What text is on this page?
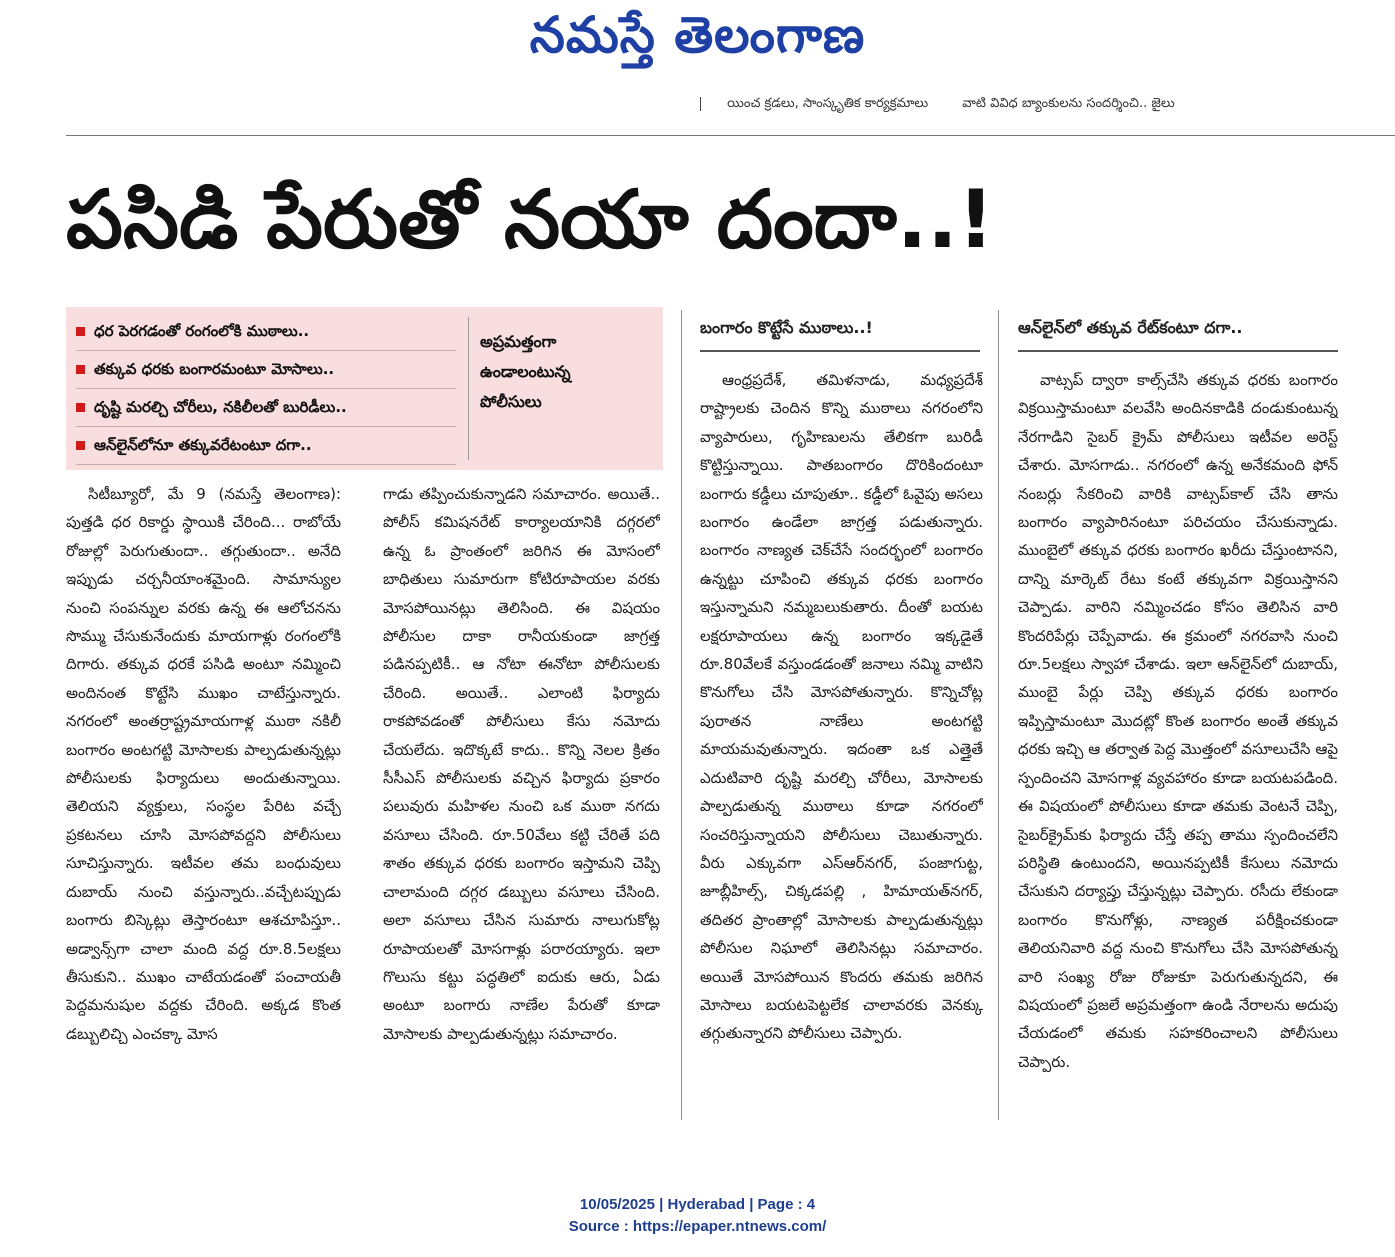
నమస్తే తెలంగాణ
యించ క్రడలు, సాంస్కృతిక కార్యక్రమాలు	వాటి వివిధ బ్యాంకులను సందర్శించి.. జైలు
పసిడి పేరుతో నయా దందా..!
ధర పెరగడంతో రంగంలోకి ముఠాలు..
తక్కువ ధరకు బంగారమంటూ మోసాలు..
దృష్టి మరల్చి చోరీలు, నకిలీలతో బురిడీలు..
ఆన్‌లైన్‌లోనూ తక్కువరేటంటూ దగా..
అప్రమత్తంగా
ఉండాలంటున్న
పోలీసులు
బంగారం కొట్టేసే ముఠాలు..!	ఆన్‌లైన్‌లో తక్కువ రేట్‌కంటూ దగా..

సిటీబ్యూరో, మే 9 (నమస్తే తెలంగాణ): పుత్తడి ధర రికార్డు స్థాయికి చేరింది... రాబోయే రోజుల్లో పెరుగుతుందా.. తగ్గుతుందా.. అనేది ఇప్పుడు చర్చనీయాంశమైంది. సామాన్యుల నుంచి సంపన్నుల వరకు ఉన్న ఈ ఆలోచనను సొమ్ము చేసుకునేందుకు మాయగాళ్లు రంగంలోకి దిగారు. తక్కువ ధరకే పసిడి అంటూ నమ్మించి అందినంత కొట్టేసి ముఖం చాటేస్తున్నారు. నగరంలో అంతర్రాష్ట్రమాయగాళ్ల ముఠా నకిలీ బంగారం అంటగట్టి మోసాలకు పాల్పడుతున్నట్లు పోలీసులకు ఫిర్యాదులు అందుతున్నాయి. తెలియని వ్యక్తులు, సంస్థల పేరిట వచ్చే ప్రకటనలు చూసి మోసపోవద్దని పోలీసులు సూచిస్తున్నారు. ఇటీవల తమ బంధువులు దుబాయ్ నుంచి వస్తున్నారు..వచ్చేటప్పుడు బంగారు బిస్కెట్లు తెస్తారంటూ ఆశచూపిస్తూ.. అడ్వాన్స్‌గా చాలా మంది వద్ద రూ.8.5లక్షలు తీసుకుని.. ముఖం చాటేయడంతో పంచాయతీ పెద్దమనుషుల వద్దకు చేరింది. అక్కడ కొంత డబ్బులిచ్చి ఎంచక్కా మోస

గాడు తప్పించుకున్నాడని సమాచారం. అయితే.. పోలీస్ కమిషనరేట్ కార్యాలయానికి దగ్గరలో ఉన్న ఓ ప్రాంతంలో జరిగిన ఈ మోసంలో బాధితులు సుమారుగా కోటిరూపాయల వరకు మోసపోయినట్లు తెలిసింది. ఈ విషయం పోలీసుల దాకా రానీయకుండా జాగ్రత్త పడినప్పటికీ.. ఆ నోటా ఈనోటా పోలీసులకు చేరింది. అయితే.. ఎలాంటి ఫిర్యాదు రాకపోవడంతో పోలీసులు కేసు నమోదు చేయలేదు. ఇదొక్కటే కాదు.. కొన్ని నెలల క్రితం సీసీఎస్ పోలీసులకు వచ్చిన ఫిర్యాదు ప్రకారం పలువురు మహిళల నుంచి ఒక ముఠా నగదు వసూలు చేసింది. రూ.50వేలు కట్టి చేరితే పది శాతం తక్కువ ధరకు బంగారం ఇస్తామని చెప్పి చాలామంది దగ్గర డబ్బులు వసూలు చేసింది. అలా వసూలు చేసిన సుమారు నాలుగుకోట్ల రూపాయలతో మోసగాళ్లు పరారయ్యారు. ఇలా గొలుసు కట్టు పద్ధతిలో ఐదుకు ఆరు, ఏడు అంటూ బంగారు నాణేల పేరుతో కూడా మోసాలకు పాల్పడుతున్నట్లు సమాచారం.

ఆంధ్రప్రదేశ్, తమిళనాడు, మధ్యప్రదేశ్ రాష్ట్రాలకు చెందిన కొన్ని ముఠాలు నగరంలోని వ్యాపారులు, గృహిణులను తేలికగా బురిడీ కొట్టిస్తున్నాయి. పాతబంగారం దొరికిందంటూ బంగారు కడ్డీలు చూపుతూ.. కడ్డీలో ఓవైపు అసలు బంగారం ఉండేలా జాగ్రత్త పడుతున్నారు. బంగారం నాణ్యత చెక్‌చేసే సందర్భంలో బంగారం ఉన్నట్టు చూపించి తక్కువ ధరకు బంగారం ఇస్తున్నామని నమ్మబలుకుతారు. దీంతో బయట లక్షరూపాయలు ఉన్న బంగారం ఇక్కడైతే రూ.80వేలకే వస్తుండడంతో జనాలు నమ్మి వాటిని కొనుగోలు చేసి మోసపోతున్నారు. కొన్నిచోట్ల పురాతన నాణేలు అంటగట్టి మాయమవుతున్నారు. ఇదంతా ఒక ఎత్తైతే ఎదుటివారి దృష్టి మరల్చి చోరీలు, మోసాలకు పాల్పడుతున్న ముఠాలు కూడా నగరంలో సంచరిస్తున్నాయని పోలీసులు చెబుతున్నారు. వీరు ఎక్కువగా ఎస్‌ఆర్‌నగర్, పంజాగుట్ట, జూబ్లీహిల్స్, చిక్కడపల్లి , హిమాయత్‌నగర్, తదితర ప్రాంతాల్లో మోసాలకు పాల్పడుతున్నట్లు పోలీసుల నిఘాలో తెలిసినట్లు సమాచారం. అయితే మోసపోయిన కొందరు తమకు జరిగిన మోసాలు బయటపెట్టలేక చాలావరకు వెనక్కు తగ్గుతున్నారని పోలీసులు చెప్పారు.

వాట్సప్ ద్వారా కాల్స్‌చేసి తక్కువ ధరకు బంగారం విక్రయిస్తామంటూ వలవేసి అందినకాడికి దండుకుంటున్న నేరగాడిని సైబర్ క్రైమ్ పోలీసులు ఇటీవల అరెస్ట్ చేశారు. మోసగాడు.. నగరంలో ఉన్న అనేకమంది ఫోన్ నంబర్లు సేకరించి వారికి వాట్సప్‌కాల్ చేసి తాను బంగారం వ్యాపారినంటూ పరిచయం చేసుకున్నాడు. ముంబైలో తక్కువ ధరకు బంగారం ఖరీదు చేస్తుంటానని, దాన్ని మార్కెట్ రేటు కంటే తక్కువగా విక్రయిస్తానని చెప్పాడు. వారిని నమ్మించడం కోసం తెలిసిన వారి కొందరిపేర్లు చెప్పేవాడు. ఈ క్రమంలో నగరవాసి నుంచి రూ.5లక్షలు స్వాహా చేశాడు. ఇలా ఆన్‌లైన్‌లో దుబాయ్, ముంబై పేర్లు చెప్పి తక్కువ ధరకు బంగారం ఇప్పిస్తామంటూ మొదట్లో కొంత బంగారం అంతే తక్కువ ధరకు ఇచ్చి ఆ తర్వాత పెద్ద మొత్తంలో వసూలుచేసి ఆపై స్పందించని మోసగాళ్ల వ్యవహారం కూడా బయటపడింది. ఈ విషయంలో పోలీసులు కూడా తమకు వెంటనే చెప్పి, సైబర్‌క్రైమ్‌కు ఫిర్యాదు చేస్తే తప్ప తాము స్పందించలేని పరిస్థితి ఉంటుందని, అయినప్పటికీ కేసులు నమోదు చేసుకుని దర్యాప్తు చేస్తున్నట్లు చెప్పారు. రసీదు లేకుండా బంగారం కొనుగోళ్లు, నాణ్యత పరీక్షించకుండా తెలియనివారి వద్ద నుంచి కొనుగోలు చేసి మోసపోతున్న వారి సంఖ్య రోజు రోజుకూ పెరుగుతున్నదని, ఈ విషయంలో ప్రజలే అప్రమత్తంగా ఉండి నేరాలను అదుపు చేయడంలో తమకు సహకరించాలని పోలీసులు చెప్పారు.

10/05/2025 | Hyderabad | Page : 4
Source : https://epaper.ntnews.com/
